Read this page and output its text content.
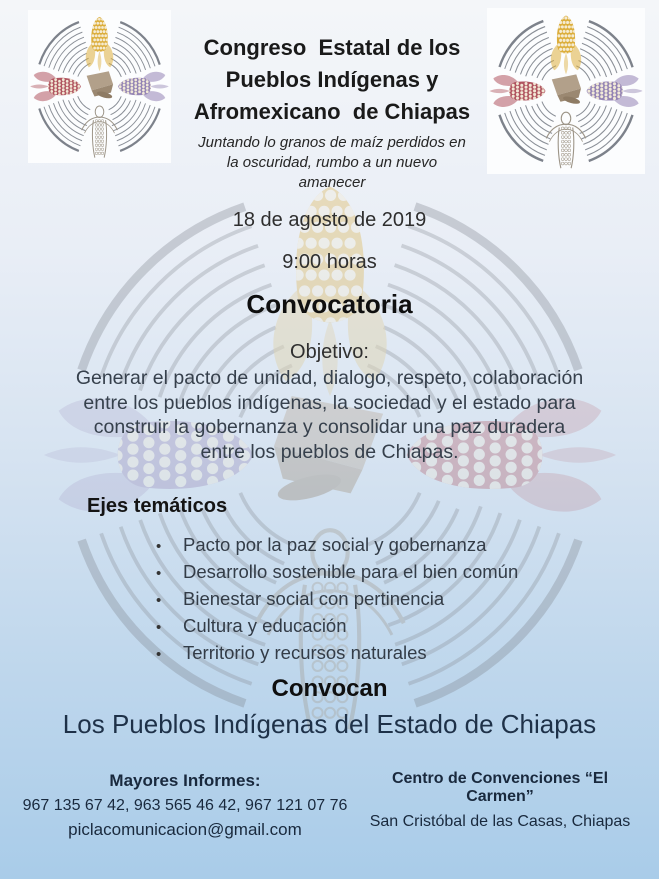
Congreso  Estatal de los
Pueblos Indígenas y
Afromexicano  de Chiapas
Juntando lo granos de maíz perdidos en
la oscuridad, rumbo a un nuevo
amanecer
18 de agosto de 2019
9:00 horas
Convocatoria
Objetivo:
Generar el pacto de unidad, dialogo, respeto, colaboración
entre los pueblos indígenas, la sociedad y el estado para
construir la gobernanza y consolidar una paz duradera
entre los pueblos de Chiapas.
Ejes temáticos
•	Pacto por la paz social y gobernanza
•	Desarrollo sostenible para el bien común
•	Bienestar social con pertinencia
•	Cultura y educación
•	Territorio y recursos naturales
Convocan
Los Pueblos Indígenas del Estado de Chiapas
Mayores Informes:
967 135 67 42, 963 565 46 42, 967 121 07 76
piclacomunicacion@gmail.com
Centro de Convenciones “El Carmen”
San Cristóbal de las Casas, Chiapas
